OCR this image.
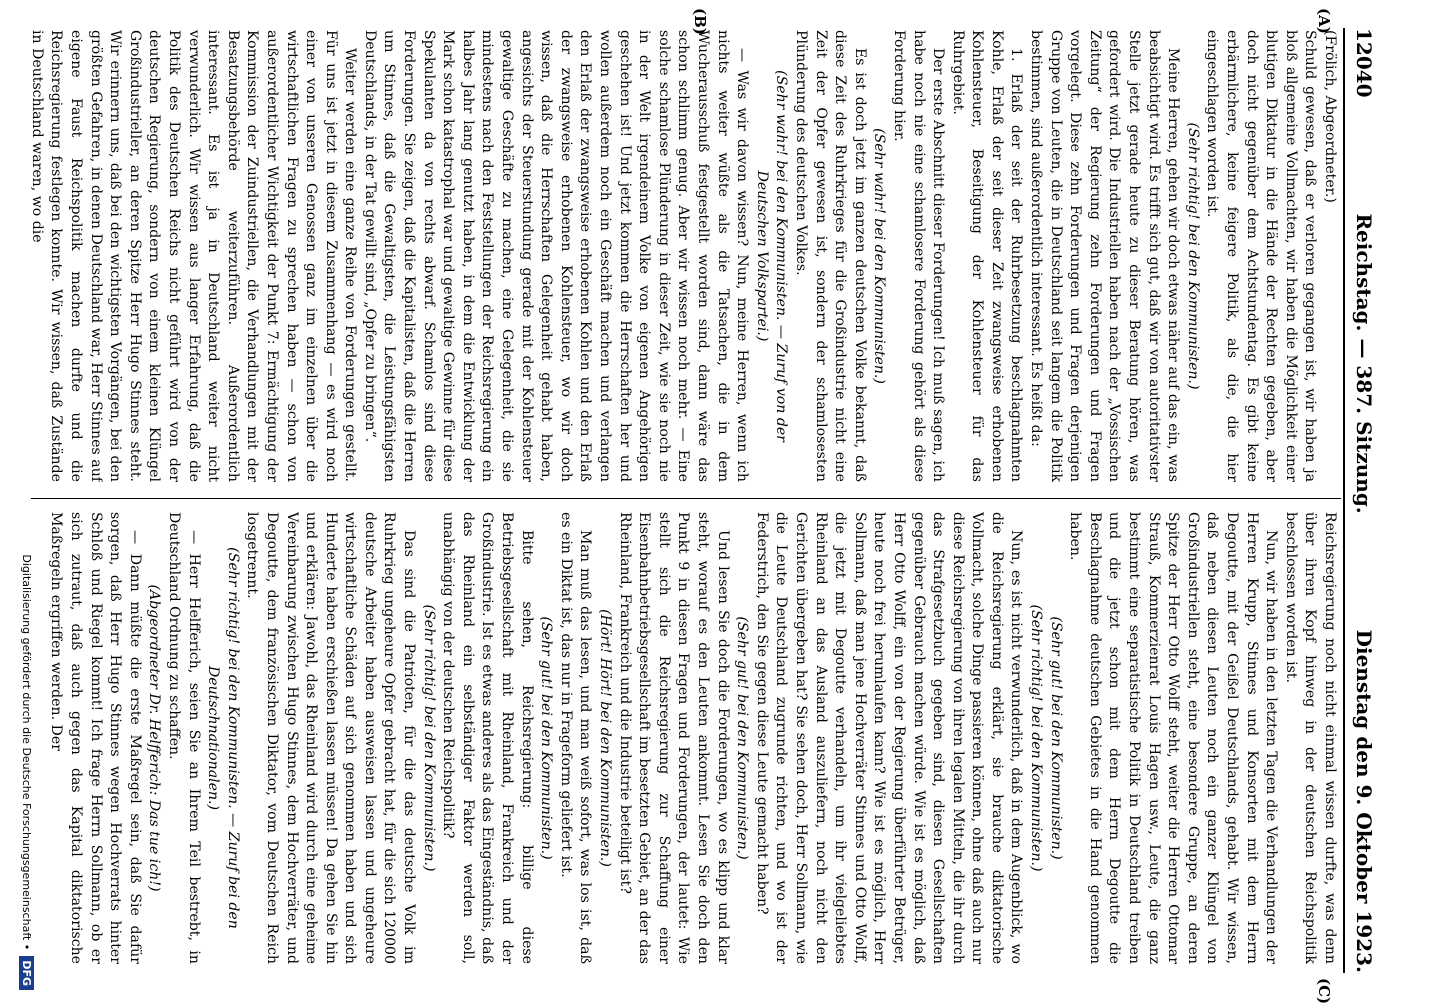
12040
Reichstag. — 387. Sitzung.
Dienstag den 9. Oktober 1923.
(A)
(B)
(C)

(Frölich, Abgeordneter.)

Schuld gewesen, daß er verloren gegangen ist, wir haben ja bloß allgemeine Vollmachten, wir haben die Möglichkeit einer blutigen Diktatur in die Hände der Rechten gegeben, aber doch nicht gegenüber dem Achtstundentag. Es gibt keine erbärmlichere, keine feigere Politik, als die, die hier eingeschlagen worden ist.

(Sehr richtig! bei den Kommunisten.)

Meine Herren, gehen wir doch etwas näher auf das ein, was beabsichtigt wird. Es trifft sich gut, daß wir von autoritativster Stelle jetzt gerade heute zu dieser Beratung hören, was gefordert wird. Die Industriellen haben nach der „Vossischen Zeitung“ der Regierung zehn Forderungen und Fragen vorgelegt. Diese zehn Forderungen und Fragen derjenigen Gruppe von Leuten, die in Deutschland seit langem die Politik bestimmen, sind außerordentlich interessant. Es heißt da:

1. Erlaß der seit der Ruhrbesetzung beschlagnahmten Kohle, Erlaß der seit dieser Zeit zwangsweise erhobenen Kohlensteuer, Beseitigung der Kohlensteuer für das Ruhrgebiet.

Der erste Abschnitt dieser Forderungen! Ich muß sagen, ich habe noch nie eine schamlosere Forderung gehört als diese Forderung hier.

(Sehr wahr! bei den Kommunisten.)

Es ist doch jetzt im ganzen deutschen Volke bekannt, daß diese Zeit des Ruhrkrieges für die Großindustrie nicht eine Zeit der Opfer gewesen ist, sondern der schamlosesten Plünderung des deutschen Volkes.

(Sehr wahr! bei den Kommunisten. — Zuruf von der Deutschen Volkspartei.)

— Was wir davon wissen? Nun, meine Herren, wenn ich nichts weiter wüßte als die Tatsachen, die in dem Wucherausschuß festgestellt worden sind, dann wäre das schon schlimm genug. Aber wir wissen noch mehr. — Eine solche schamlose Plünderung in dieser Zeit, wie sie noch nie in der Welt irgendeinem Volke von eigenen Angehörigen geschehen ist! Und jetzt kommen die Herrschaften her und wollen außerdem noch ein Geschäft machen und verlangen den Erlaß der zwangsweise erhobenen Kohlen und den Erlaß der zwangsweise erhobenen Kohlensteuer, wo wir doch wissen, daß die Herrschaften Gelegenheit gehabt haben, angesichts der Steuerstundung gerade mit der Kohlensteuer gewaltige Geschäfte zu machen, eine Gelegenheit, die sie mindestens nach den Feststellungen der Reichsregierung ein halbes Jahr lang genutzt haben, in dem die Entwicklung der Mark schon katastrophal war und gewaltige Gewinne für diese Spekulanten da von rechts abwarf. Schamlos sind diese Forderungen. Sie zeigen, daß die Kapitalisten, daß die Herren um Stinnes, daß die Gewaltigsten, die Leistungsfähigsten Deutschlands, in der Tat gewillt sind, „Opfer zu bringen“.

Weiter werden eine ganze Reihe von Forderungen gestellt. Für uns ist jetzt in diesem Zusammenhang — es wird noch einer von unseren Genossen ganz im einzelnen über die wirtschaftlichen Fragen zu sprechen haben — schon von außerordentlicher Wichtigkeit der Punkt 7: Ermächtigung der Kommission der Zuindustriellen, die Verhandlungen mit der Besatzungsbehörde weiterzuführen. Außerordentlich interessant. Es ist ja in Deutschland weiter nicht verwunderlich. Wir wissen aus langer Erfahrung, daß die Politik des Deutschen Reichs nicht geführt wird von der deutschen Regierung, sondern von einem kleinen Klüngel Großindustrieller, an deren Spitze Herr Hugo Stinnes steht. Wir erinnern uns, daß bei den wichtigsten Vorgängen, bei den größten Gefahren, in denen Deutschland war, Herr Stinnes auf eigene Faust Reichspolitik machen durfte und die Reichsregierung festlegen konnte. Wir wissen, daß Zustände in Deutschland waren, wo die

Reichsregierung noch nicht einmal wissen durfte, was denn über ihren Kopf hinweg in der deutschen Reichspolitik beschlossen worden ist.

Nun, wir haben in den letzten Tagen die Verhandlungen der Herren Krupp, Stinnes und Konsorten mit dem Herrn Degoutte, mit der Geißel Deutschlands, gehabt. Wir wissen, daß neben diesen Leuten noch ein ganzer Klüngel von Großindustriellen steht, eine besondere Gruppe, an deren Spitze der Herr Otto Wolff steht, weiter die Herren Ottomar Strauß, Kommerzienrat Louis Hagen usw., Leute, die ganz bestimmt eine separatistische Politik in Deutschland treiben und die jetzt schon mit dem Herrn Degoutte die Beschlagnahme deutschen Gebietes in die Hand genommen haben.

(Sehr gut! bei den Kommunisten.)

(Sehr richtig! bei den Kommunisten.)

Nun, es ist nicht verwunderlich, daß in dem Augenblick, wo die Reichsregierung erklärt, sie brauche diktatorische Vollmacht, solche Dinge passieren können, ohne daß auch nur diese Reichsregierung von ihren legalen Mitteln, die ihr durch das Strafgesetzbuch gegeben sind, diesen Gesellschaften gegenüber Gebrauch machen würde. Wie ist es möglich, daß Herr Otto Wolff, ein von der Regierung überführter Betrüger, heute noch frei herumlaufen kann? Wie ist es möglich, Herr Sollmann, daß man jene Hochverräter Stinnes und Otto Wolff, die jetzt mit Degoutte verhandeln, um ihr vielgeliebtes Rheinland an das Ausland auszuliefern, noch nicht den Gerichten übergeben hat? Sie sehen doch, Herr Sollmann, wie die Leute Deutschland zugrunde richten, und wo ist der Federstrich, den Sie gegen diese Leute gemacht haben?

(Sehr gut! bei den Kommunisten.)

Und lesen Sie doch die Forderungen, wo es klipp und klar steht, worauf es den Leuten ankommt. Lesen Sie doch den Punkt 9 in diesen Fragen und Forderungen, der lautet: Wie stellt sich die Reichsregierung zur Schaffung einer Eisenbahnbetriebsgesellschaft im besetzten Gebiet, an der das Rheinland, Frankreich und die Industrie beteiligt ist?

(Hört! Hört! bei den Kommunisten.)

Man muß das lesen, und man weiß sofort, was los ist, daß es ein Diktat ist, das nur in Frageform geliefert ist.

(Sehr gut! bei den Kommunisten.)

Bitte sehen, Reichsregierung: billige diese Betriebsgesellschaft mit Rheinland, Frankreich und der Großindustrie. Ist es etwas anderes als das Eingeständnis, daß das Rheinland ein selbständiger Faktor werden soll, unabhängig von der deutschen Reichspolitik?

(Sehr richtig! bei den Kommunisten.)

Das sind die Patrioten, für die das deutsche Volk im Ruhrkrieg ungeheure Opfer gebracht hat, für die sich 120000 deutsche Arbeiter haben ausweisen lassen und ungeheure wirtschaftliche Schäden auf sich genommen haben und sich Hunderte haben erschießen lassen müssen! Da gehen Sie hin und erklären: Jawohl, das Rheinland wird durch eine geheime Vereinbarung zwischen Hugo Stinnes, dem Hochverräter, und Degoutte, dem französischen Diktator, vom Deutschen Reich losgetrennt.

(Sehr richtig! bei den Kommunisten. — Zuruf bei den Deutschnationalen.)

— Herr Helfferich, seien Sie an Ihrem Teil bestrebt, in Deutschland Ordnung zu schaffen.

(Abgeordneter Dr. Helfferich: Das tue ich!)

— Dann müßte die erste Maßregel sein, daß Sie dafür sorgen, daß Herr Hugo Stinnes wegen Hochverrats hinter Schloß und Riegel kommt! Ich frage Herrn Sollmann, ob er sich zutraut, daß auch gegen das Kapital diktatorische Maßregeln ergriffen werden. Der

Digitalisierung gefördert durch die Deutsche Forschungsgemeinschaft •
DFG
